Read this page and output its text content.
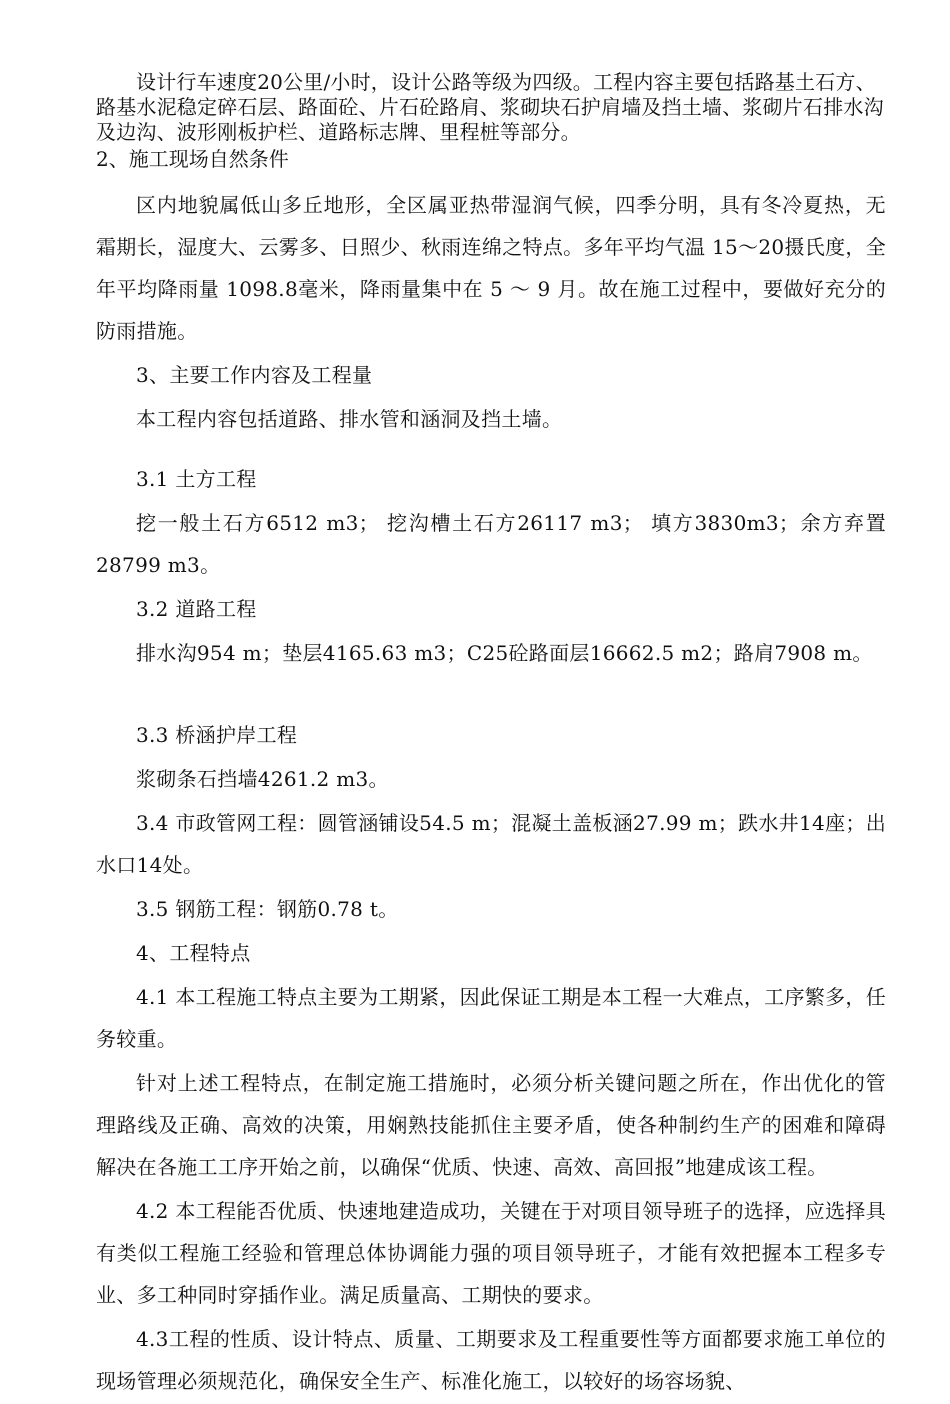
设计行车速度20公里/小时，设计公路等级为四级。工程内容主要包括路基土石方、路基水泥稳定碎石层、路面砼、片石砼路肩、浆砌块石护肩墙及挡土墙、浆砌片石排水沟及边沟、波形刚板护栏、道路标志牌、里程桩等部分。

2、施工现场自然条件

区内地貌属低山多丘地形，全区属亚热带湿润气候，四季分明，具有冬冷夏热，无霜期长，湿度大、云雾多、日照少、秋雨连绵之特点。多年平均气温 15～20摄氏度，全年平均降雨量 1098.8毫米，降雨量集中在 5 ～ 9 月。故在施工过程中，要做好充分的防雨措施。

3、主要工作内容及工程量

本工程内容包括道路、排水管和涵洞及挡土墙。

3.1 土方工程

挖一般土石方6512 m3； 挖沟槽土石方26117 m3； 填方3830m3；余方弃置28799 m3。

3.2 道路工程

排水沟954 m；垫层4165.63 m3；C25砼路面层16662.5 m2；路肩7908 m。

3.3 桥涵护岸工程

浆砌条石挡墙4261.2 m3。

3.4 市政管网工程：圆管涵铺设54.5 m；混凝土盖板涵27.99 m；跌水井14座；出水口14处。

3.5 钢筋工程：钢筋0.78 t。

4、工程特点

4.1 本工程施工特点主要为工期紧，因此保证工期是本工程一大难点，工序繁多，任务较重。

针对上述工程特点，在制定施工措施时，必须分析关键问题之所在，作出优化的管理路线及正确、高效的决策，用娴熟技能抓住主要矛盾，使各种制约生产的困难和障碍解决在各施工工序开始之前，以确保“优质、快速、高效、高回报”地建成该工程。

4.2 本工程能否优质、快速地建造成功，关键在于对项目领导班子的选择，应选择具有类似工程施工经验和管理总体协调能力强的项目领导班子，才能有效把握本工程多专业、多工种同时穿插作业。满足质量高、工期快的要求。

4.3工程的性质、设计特点、质量、工期要求及工程重要性等方面都要求施工单位的现场管理必须规范化，确保安全生产、标准化施工，以较好的场容场貌、
